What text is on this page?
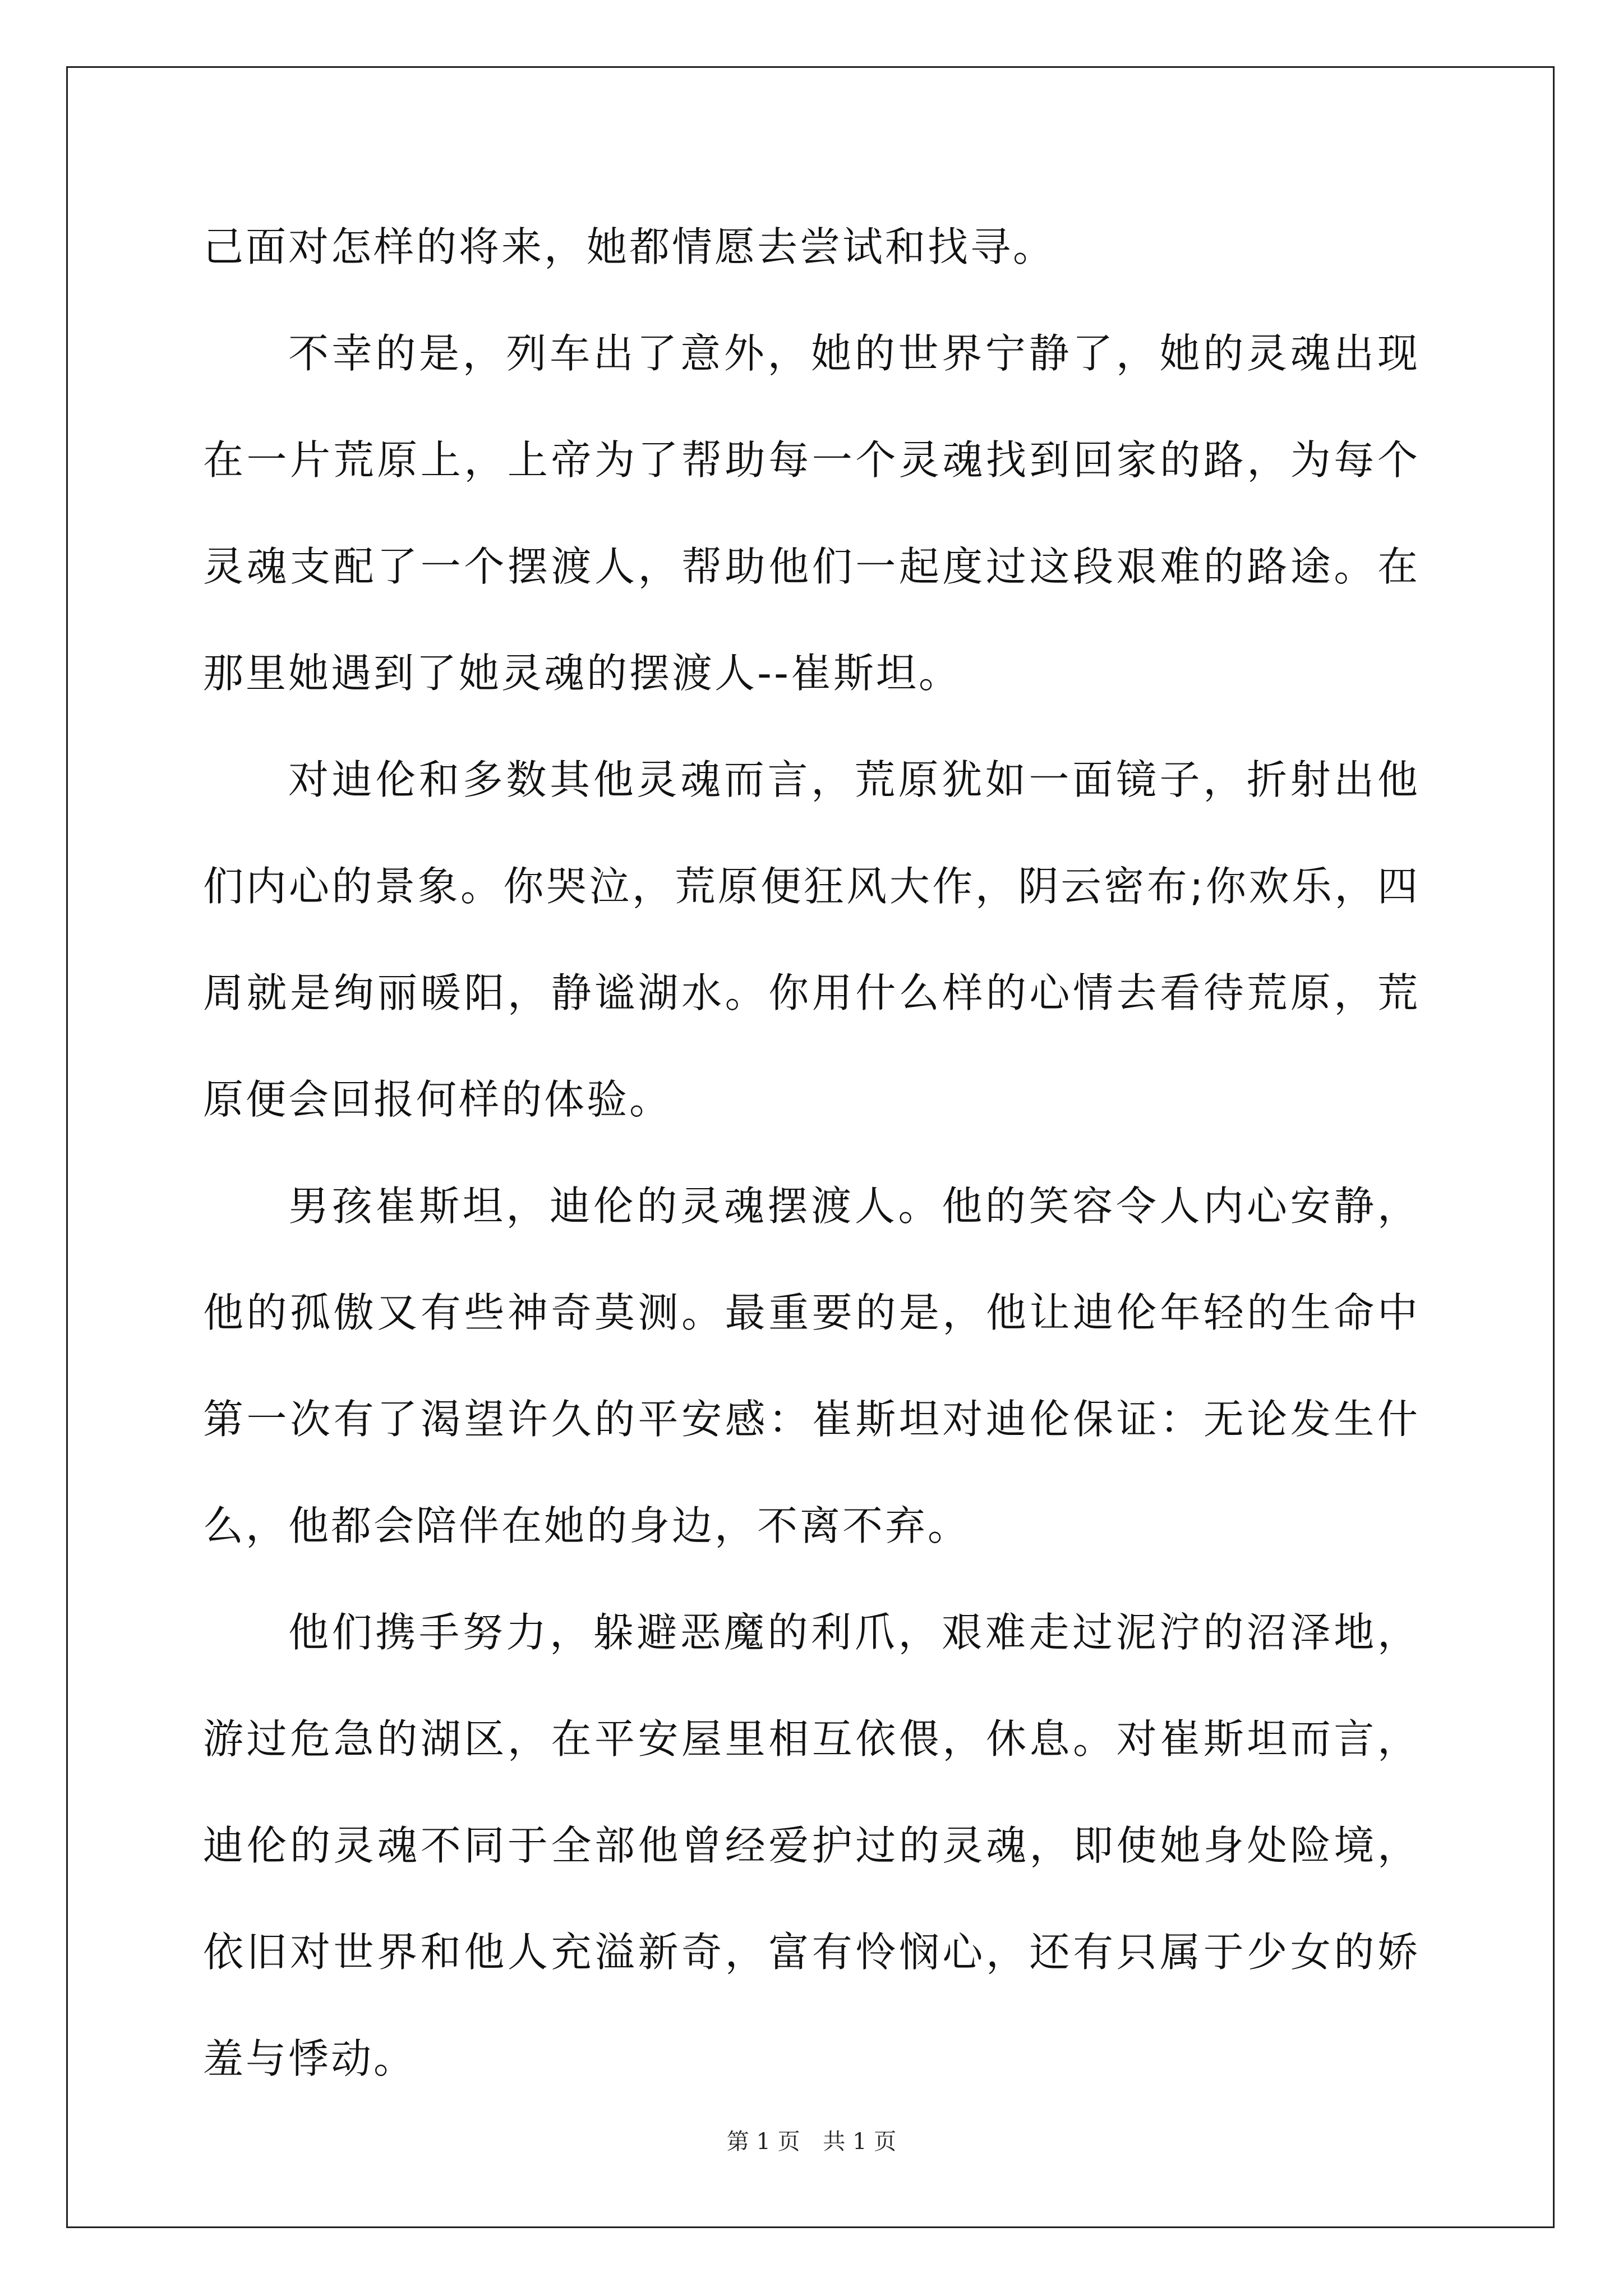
己面对怎样的将来，她都情愿去尝试和找寻。

不幸的是，列车出了意外，她的世界宁静了，她的灵魂出现在一片荒原上，上帝为了帮助每一个灵魂找到回家的路，为每个灵魂支配了一个摆渡人，帮助他们一起度过这段艰难的路途。在那里她遇到了她灵魂的摆渡人--崔斯坦。

对迪伦和多数其他灵魂而言，荒原犹如一面镜子，折射出他们内心的景象。你哭泣，荒原便狂风大作，阴云密布;你欢乐，四周就是绚丽暖阳，静谧湖水。你用什么样的心情去看待荒原，荒原便会回报何样的体验。

男孩崔斯坦，迪伦的灵魂摆渡人。他的笑容令人内心安静，他的孤傲又有些神奇莫测。最重要的是，他让迪伦年轻的生命中第一次有了渴望许久的平安感：崔斯坦对迪伦保证：无论发生什么，他都会陪伴在她的身边，不离不弃。

他们携手努力，躲避恶魔的利爪，艰难走过泥泞的沼泽地，游过危急的湖区，在平安屋里相互依偎，休息。对崔斯坦而言，迪伦的灵魂不同于全部他曾经爱护过的灵魂，即使她身处险境，依旧对世界和他人充溢新奇，富有怜悯心，还有只属于少女的娇羞与悸动。

第 1 页 共 1 页
